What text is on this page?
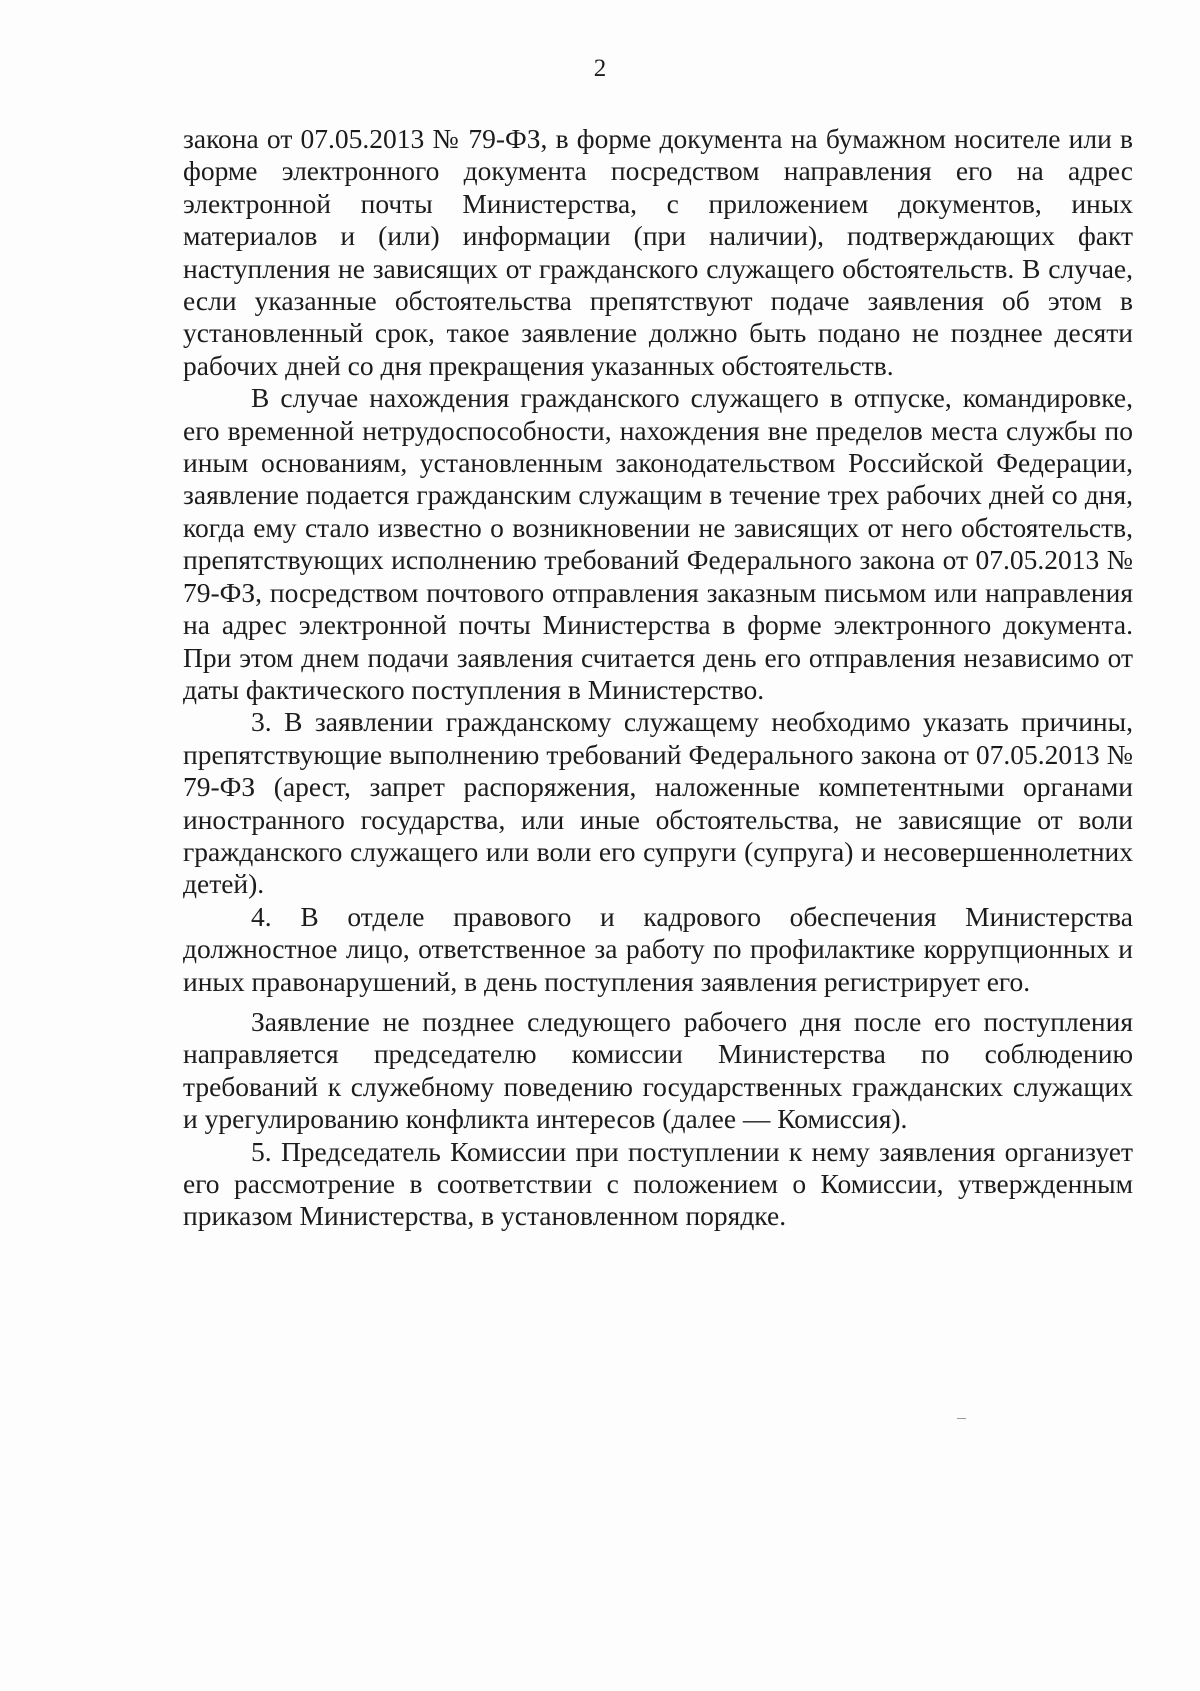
2

закона от 07.05.2013 № 79-ФЗ, в форме документа на бумажном носителе или в форме электронного документа посредством направления его на адрес электронной почты Министерства, с приложением документов, иных материалов и (или) информации (при наличии), подтверждающих факт наступления не зависящих от гражданского служащего обстоятельств. В случае, если указанные обстоятельства препятствуют подаче заявления об этом в установленный срок, такое заявление должно быть подано не позднее десяти рабочих дней со дня прекращения указанных обстоятельств.

В случае нахождения гражданского служащего в отпуске, командировке, его временной нетрудоспособности, нахождения вне пределов места службы по иным основаниям, установленным законодательством Российской Федерации, заявление подается гражданским служащим в течение трех рабочих дней со дня, когда ему стало известно о возникновении не зависящих от него обстоятельств, препятствующих исполнению требований Федерального закона от 07.05.2013 № 79-ФЗ, посредством почтового отправления заказным письмом или направления на адрес электронной почты Министерства в форме электронного документа. При этом днем подачи заявления считается день его отправления независимо от даты фактического поступления в Министерство.

3. В заявлении гражданскому служащему необходимо указать причины, препятствующие выполнению требований Федерального закона от 07.05.2013 № 79-ФЗ (арест, запрет распоряжения, наложенные компетентными органами иностранного государства, или иные обстоятельства, не зависящие от воли гражданского служащего или воли его супруги (супруга) и несовершеннолетних детей).

4. В отделе правового и кадрового обеспечения Министерства должностное лицо, ответственное за работу по профилактике коррупционных и иных правонарушений, в день поступления заявления регистрирует его.

Заявление не позднее следующего рабочего дня после его поступления направляется председателю комиссии Министерства по соблюдению требований к служебному поведению государственных гражданских служащих и урегулированию конфликта интересов (далее — Комиссия).

5. Председатель Комиссии при поступлении к нему заявления организует его рассмотрение в соответствии с положением о Комиссии, утвержденным приказом Министерства, в установленном порядке.
